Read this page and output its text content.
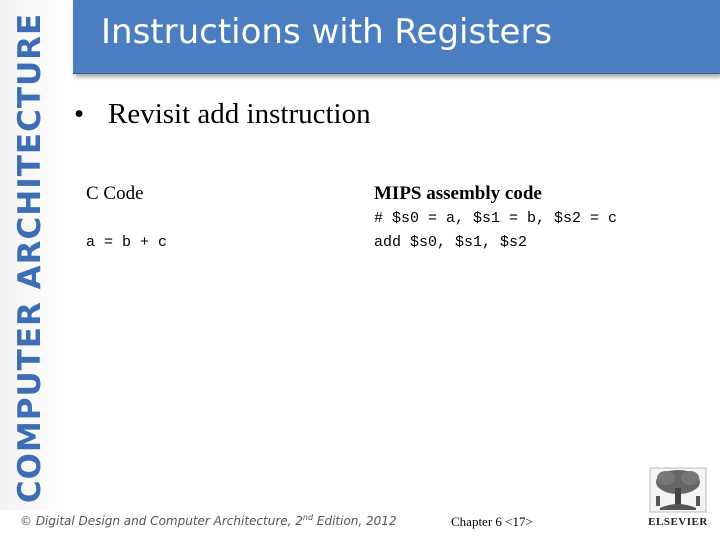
COMPUTER ARCHITECTURE Instructions with Registers
• Revisit add instruction
C Code
a = b + c
MIPS assembly code
# $s0 = a, $s1 = b, $s2 = c
add $s0, $s1, $s2
© Digital Design and Computer Architecture, 2nd Edition, 2012	Chapter 6 <17>	ELSEVIER
